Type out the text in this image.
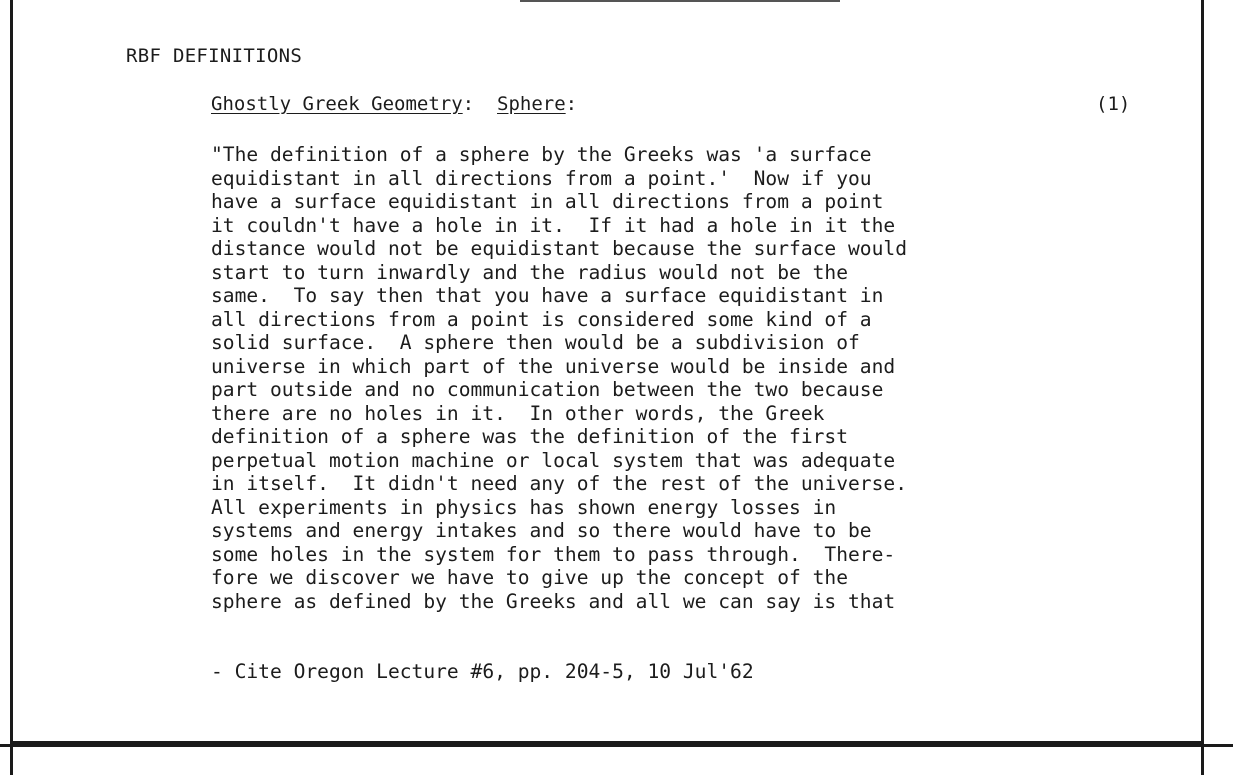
RBF DEFINITIONS
Ghostly Greek Geometry: Sphere:	(1)
"The definition of a sphere by the Greeks was 'a surface
equidistant in all directions from a point.'  Now if you
have a surface equidistant in all directions from a point
it couldn't have a hole in it.  If it had a hole in it the
distance would not be equidistant because the surface would
start to turn inwardly and the radius would not be the
same.  To say then that you have a surface equidistant in
all directions from a point is considered some kind of a
solid surface.  A sphere then would be a subdivision of
universe in which part of the universe would be inside and
part outside and no communication between the two because
there are no holes in it.  In other words, the Greek
definition of a sphere was the definition of the first
perpetual motion machine or local system that was adequate
in itself.  It didn't need any of the rest of the universe.
All experiments in physics has shown energy losses in
systems and energy intakes and so there would have to be
some holes in the system for them to pass through.  There-
fore we discover we have to give up the concept of the
sphere as defined by the Greeks and all we can say is that
- Cite Oregon Lecture #6, pp. 204-5, 10 Jul'62
